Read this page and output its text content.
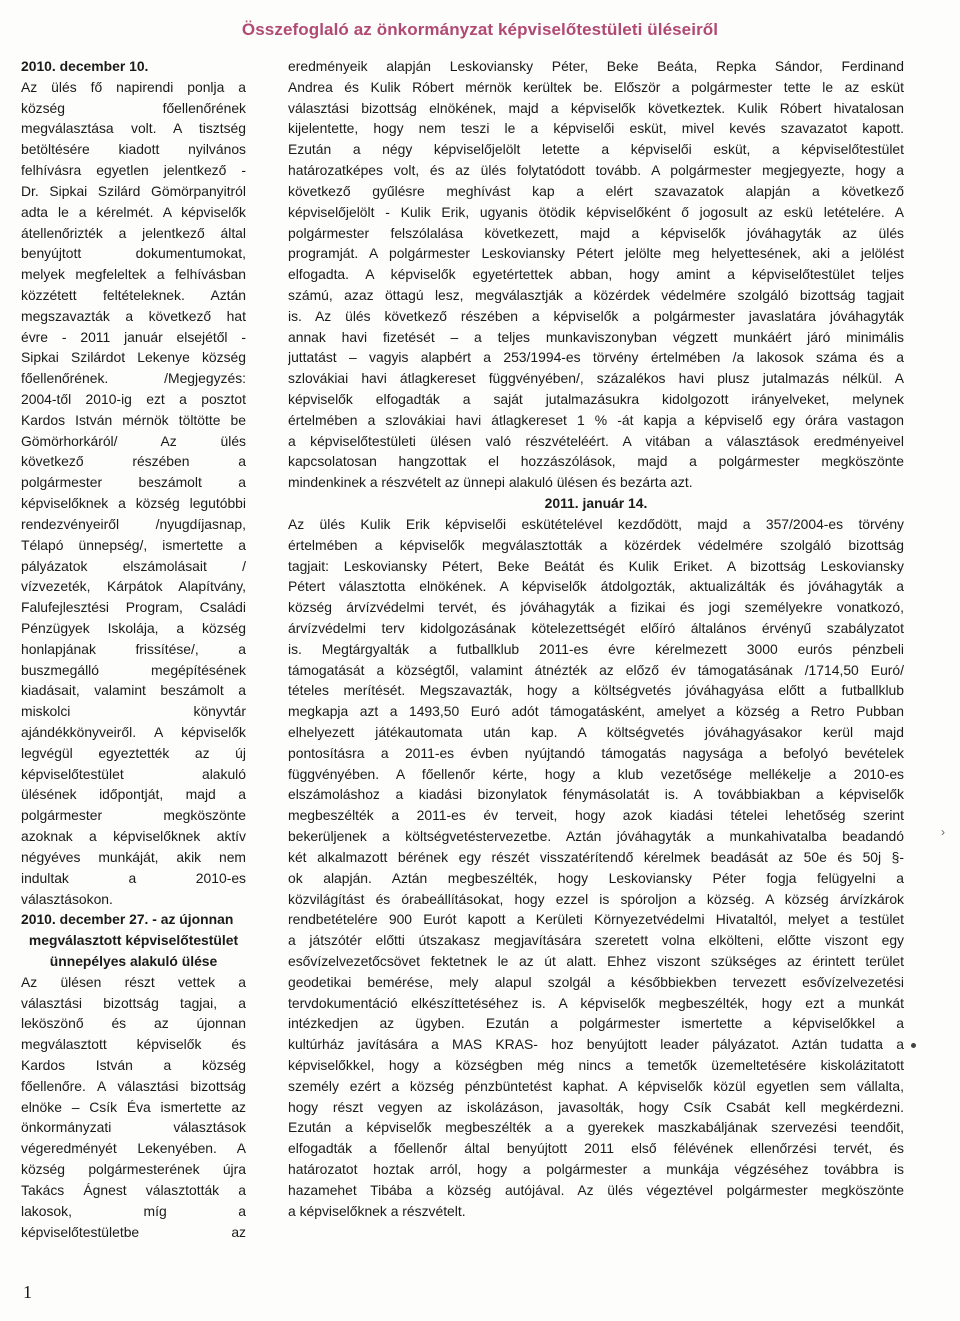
Összefoglaló az önkormányzat képviselőtestületi üléseiről
2010. december 10.
Az ülés fő napirendi ponlja a
község főellenőrének
megválasztása volt. A tisztség
betöltésére kiadott nyilvános
felhívásra egyetlen jelentkező -
Dr. Sipkai Szilárd Gömörpanyitról
adta le a kérelmét. A képviselők
átellenőrizték a jelentkező által
benyújtott dokumentumokat,
melyek megfeleltek a felhívásban
közzétett feltételeknek. Aztán
megszavazták a következő hat
évre - 2011 január elsejétől -
Sipkai Szilárdot Lekenye község
főellenőrének. /Megjegyzés:
2004-től 2010-ig ezt a posztot
Kardos István mérnök töltötte be
Gömörhorkáról/ Az ülés
következő részében a
polgármester beszámolt a
képviselőknek a község legutóbbi
rendezvényeiről /nyugdíjasnap,
Télapó ünnepség/, ismertette a
pályázatok elszámolásait /
vízvezeték, Kárpátok Alapítvány,
Falufejlesztési Program, Családi
Pénzügyek Iskolája, a község
honlapjának frissítése/, a
buszmegálló megépítésének
kiadásait, valamint beszámolt a
miskolci könyvtár
ajándékkönyveiről. A képviselők
legvégül egyeztették az új
képviselőtestület alakuló
ülésének időpontját, majd a
polgármester megköszönte
azoknak a képviselőknek aktív
négyéves munkáját, akik nem
indultak a 2010-es
választásokon.
2010. december 27. - az újonnan
megválasztott képviselőtestület
ünnepélyes alakuló ülése
Az ülésen részt vettek a
választási bizottság tagjai, a
leköszönő és az újonnan
megválasztott képviselők és
Kardos István a község
főellenőre. A választási bizottság
elnöke – Csík Éva ismertette az
önkormányzati választások
végeredményét Lekenyében. A
község polgármesterének újra
Takács Ágnest választották a
lakosok, míg a
képviselőtestületbe az
eredményeik alapján Leskoviansky Péter, Beke Beáta, Repka Sándor, Ferdinand
Andrea és Kulik Róbert mérnök kerültek be. Először a polgármester tette le az esküt
választási bizottság elnökének, majd a képviselők következtek. Kulik Róbert hivatalosan
kijelentette, hogy nem teszi le a képviselői esküt, mivel kevés szavazatot kapott.
Ezután a négy képviselőjelölt letette a képviselői esküt, a képviselőtestület
határozatképes volt, és az ülés folytatódott tovább. A polgármester megjegyezte, hogy a
következő gyűlésre meghívást kap a elért szavazatok alapján a következő
képviselőjelölt - Kulik Erik, ugyanis ötödik képviselőként ő jogosult az eskü letételére. A
polgármester felszólalása következett, majd a képviselők jóváhagyták az ülés
programját. A polgármester Leskoviansky Pétert jelölte meg helyettesének, aki a jelölést
elfogadta. A képviselők egyetértettek abban, hogy amint a képviselőtestület teljes
számú, azaz öttagú lesz, megválasztják a közérdek védelmére szolgáló bizottság tagjait
is. Az ülés következő részében a képviselők a polgármester javaslatára jóváhagyták
annak havi fizetését – a teljes munkaviszonyban végzett munkáért járó minimális
juttatást – vagyis alapbért a 253/1994-es törvény értelmében /a lakosok száma és a
szlovákiai havi átlagkereset függvényében/, százalékos havi plusz jutalmazás nélkül. A
képviselők elfogadták a saját jutalmazásukra kidolgozott irányelveket, melynek
értelmében a szlovákiai havi átlagkereset 1 % -át kapja a képviselő egy órára vastagon
a képviselőtestületi ülésen való részvételéért. A vitában a választások eredményeivel
kapcsolatosan hangzottak el hozzászólások, majd a polgármester megköszönte
mindenkinek a részvételt az ünnepi alakuló ülésen és bezárta azt.
2011. január 14.
Az ülés Kulik Erik képviselői eskütételével kezdődött, majd a 357/2004-es törvény
értelmében a képviselők megválasztották a közérdek védelmére szolgáló bizottság
tagjait: Leskoviansky Pétert, Beke Beátát és Kulik Eriket. A bizottság Leskoviansky
Pétert választotta elnökének. A képviselők átdolgozták, aktualizálták és jóváhagyták a
község árvízvédelmi tervét, és jóváhagyták a fizikai és jogi személyekre vonatkozó,
árvízvédelmi terv kidolgozásának kötelezettségét előíró általános érvényű szabályzatot
is. Megtárgyalták a futballklub 2011-es évre kérelmezett 3000 eurós pénzbeli
támogatását a községtől, valamint átnézték az előző év támogatásának /1714,50 Euró/
tételes merítését. Megszavazták, hogy a költségvetés jóváhagyása előtt a futballklub
megkapja azt a 1493,50 Euró adót támogatásként, amelyet a község a Retro Pubban
elhelyezett játékautomata után kap. A költségvetés jóváhagyásakor kerül majd
pontosításra a 2011-es évben nyújtandó támogatás nagysága a befolyó bevételek
függvényében. A főellenőr kérte, hogy a klub vezetősége mellékelje a 2010-es
elszámoláshoz a kiadási bizonylatok fénymásolatát is. A továbbiakban a képviselők
megbeszélték a 2011-es év terveit, hogy azok kiadási tételei lehetőség szerint
bekerüljenek a költségvetéstervezetbe. Aztán jóváhagyták a munkahivatalba beadandó
két alkalmazott bérének egy részét visszatérítendő kérelmek beadását az 50e és 50j §-
ok alapján. Aztán megbeszélték, hogy Leskoviansky Péter fogja felügyelni a
közvilágítást és órabeállításokat, hogy ezzel is spóroljon a község. A község árvízkárok
rendbetételére 900 Eurót kapott a Kerületi Környezetvédelmi Hivataltól, melyet a testület
a játszótér előtti útszakasz megjavítására szeretett volna elkölteni, előtte viszont egy
esővízelvezetőcsövet fektetnek le az út alatt. Ehhez viszont szükséges az érintett terület
geodetikai bemérése, mely alapul szolgál a későbbiekben tervezett esővízelvezetési
tervdokumentáció elkészíttetéséhez is. A képviselők megbeszélték, hogy ezt a munkát
intézkedjen az ügyben. Ezután a polgármester ismertette a képviselőkkel a
kultúrház javítására a MAS KRAS- hoz benyújtott leader pályázatot. Aztán tudatta a
képviselőkkel, hogy a községben még nincs a temetők üzemeltetésére kiskolázitatott
személy ezért a község pénzbüntetést kaphat. A képviselők közül egyetlen sem vállalta,
hogy részt vegyen az iskolázáson, javasolták, hogy Csík Csabát kell megkérdezni.
Ezután a képviselők megbeszélték a a gyerekek maszkabáljának szervezési teendőit,
elfogadták a főellenőr által benyújtott 2011 első félévének ellenőrzési tervét, és
határozatot hoztak arról, hogy a polgármester a munkája végzéséhez továbbra is
hazamehet Tibába a község autójával. Az ülés végeztével polgármester megköszönte
a képviselőknek a részvételt.
1
›
